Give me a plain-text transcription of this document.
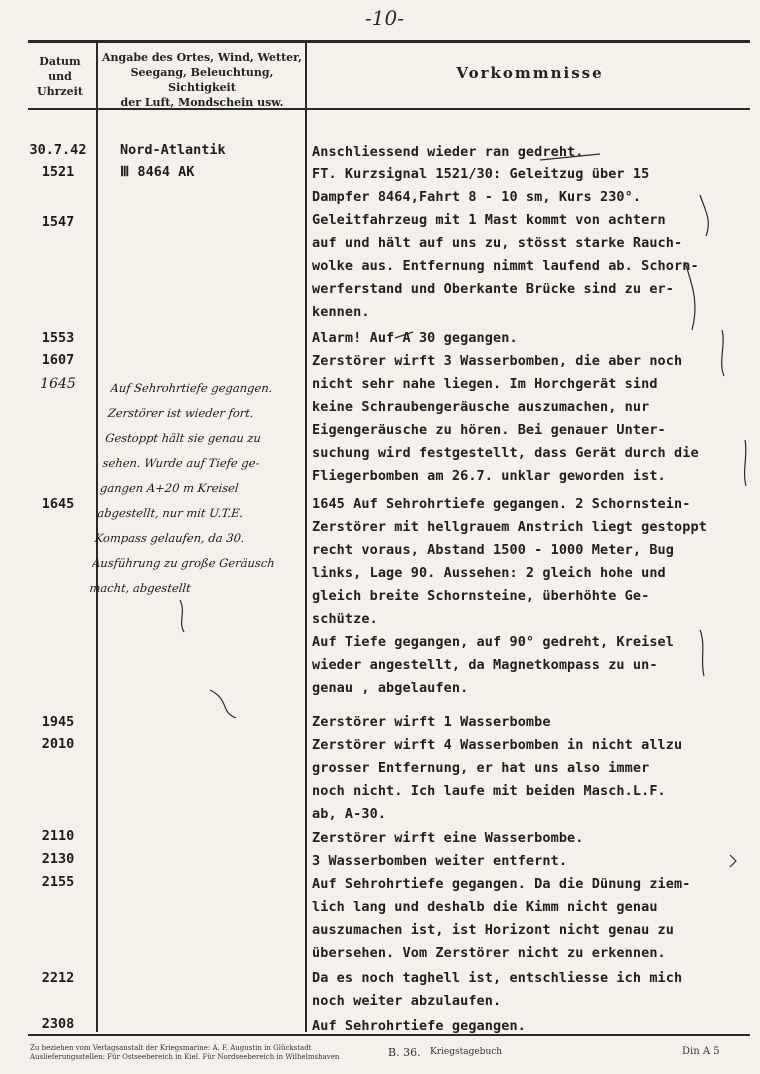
-10-
Datum
und
Uhrzeit
Angabe des Ortes, Wind, Wetter,
Seegang, Beleuchtung, Sichtigkeit
der Luft, Mondschein usw.
Vorkommnisse
30.7.42
1521
1547
1553
1607
1645
1645
1945
2010
2110
2130
2155
2212
2308
Nord-Atlantik
Ⅲ 8464 AK
Auf Sehrohrtiefe gegangen.
Zerstörer ist wieder fort.
Gestoppt hält sie genau zu
sehen. Wurde auf Tiefe ge-
gangen A+20 m Kreisel
abgestellt, nur mit U.T.E.
Kompass gelaufen, da 30.
Ausführung zu große Geräusch
macht, abgestellt
Anschliessend wieder ran gedreht.
FT. Kurzsignal 1521/30: Geleitzug über 15
Dampfer 8464,Fahrt 8 - 10 sm, Kurs 230°.
Geleitfahrzeug mit 1 Mast kommt von achtern
auf und hält auf uns zu, stösst starke Rauch-
wolke aus. Entfernung nimmt laufend ab. Schorn-
werferstand und Oberkante Brücke sind zu er-
kennen.
Alarm! Auf A 30 gegangen.
Zerstörer wirft 3 Wasserbomben, die aber noch
nicht sehr nahe liegen. Im Horchgerät sind
keine Schraubengeräusche auszumachen, nur
Eigengeräusche zu hören. Bei genauer Unter-
suchung wird festgestellt, dass Gerät durch die
Fliegerbomben am 26.7. unklar geworden ist.
1645 Auf Sehrohrtiefe gegangen. 2 Schornstein-
Zerstörer mit hellgrauem Anstrich liegt gestoppt
recht voraus, Abstand 1500 - 1000 Meter, Bug
links, Lage 90. Aussehen: 2 gleich hohe und
gleich breite Schornsteine, überhöhte Ge-
schütze.
Auf Tiefe gegangen, auf 90° gedreht, Kreisel
wieder angestellt, da Magnetkompass zu un-
genau , abgelaufen.
Zerstörer wirft 1 Wasserbombe
Zerstörer wirft 4 Wasserbomben in nicht allzu
grosser Entfernung, er hat uns also immer
noch nicht. Ich laufe mit beiden Masch.L.F.
ab, A-30.
Zerstörer wirft eine Wasserbombe.
3 Wasserbomben weiter entfernt.
Auf Sehrohrtiefe gegangen. Da die Dünung ziem-
lich lang und deshalb die Kimm nicht genau
auszumachen ist, ist Horizont nicht genau zu
übersehen. Vom Zerstörer nicht zu erkennen.
Da es noch taghell ist, entschliesse ich mich
noch weiter abzulaufen.
Auf Sehrohrtiefe gegangen.
Zu beziehen vom Verlagsanstalt der Kriegsmarine: A. F. Augustin in Glückstadt
Auslieferungsstellen: Für Ostseebereich in Kiel. Für Nordseebereich in Wilhelmshaven	B. 36. Kriegstagebuch	Din A 5
